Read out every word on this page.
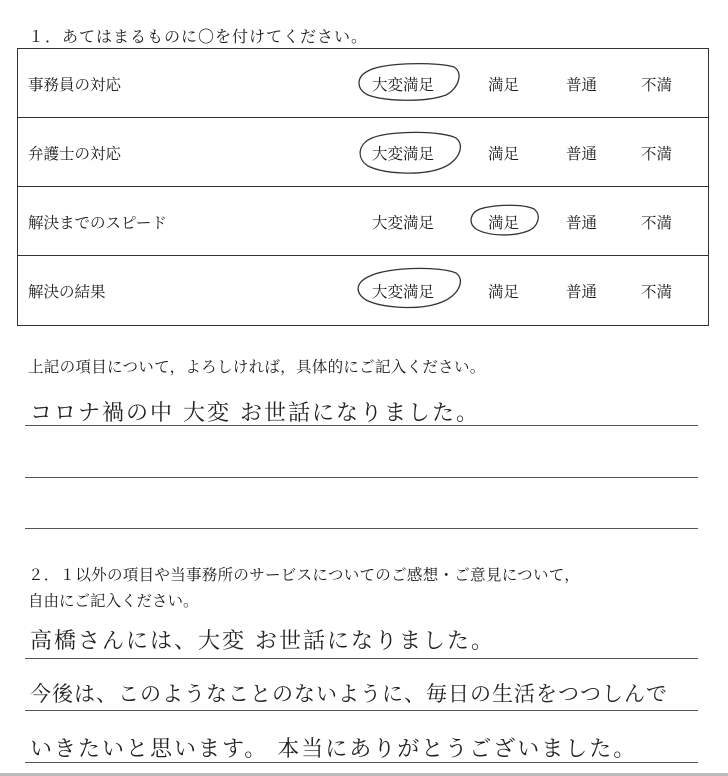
１．あてはまるものに〇を付けてください。
事務員の対応	大変満足	満足	普通	不満
弁護士の対応	大変満足	満足	普通	不満
解決までのスピード	大変満足	満足	普通	不満
解決の結果	大変満足	満足	普通	不満
上記の項目について，よろしければ，具体的にご記入ください。
コロナ禍の中 大変 お世話になりました。
２．１以外の項目や当事務所のサービスについてのご感想・ご意見について，
自由にご記入ください。
高橋さんには、大変 お世話になりました。
今後は、このようなことのないように、毎日の生活をつつしんで
いきたいと思います。 本当にありがとうございました。
